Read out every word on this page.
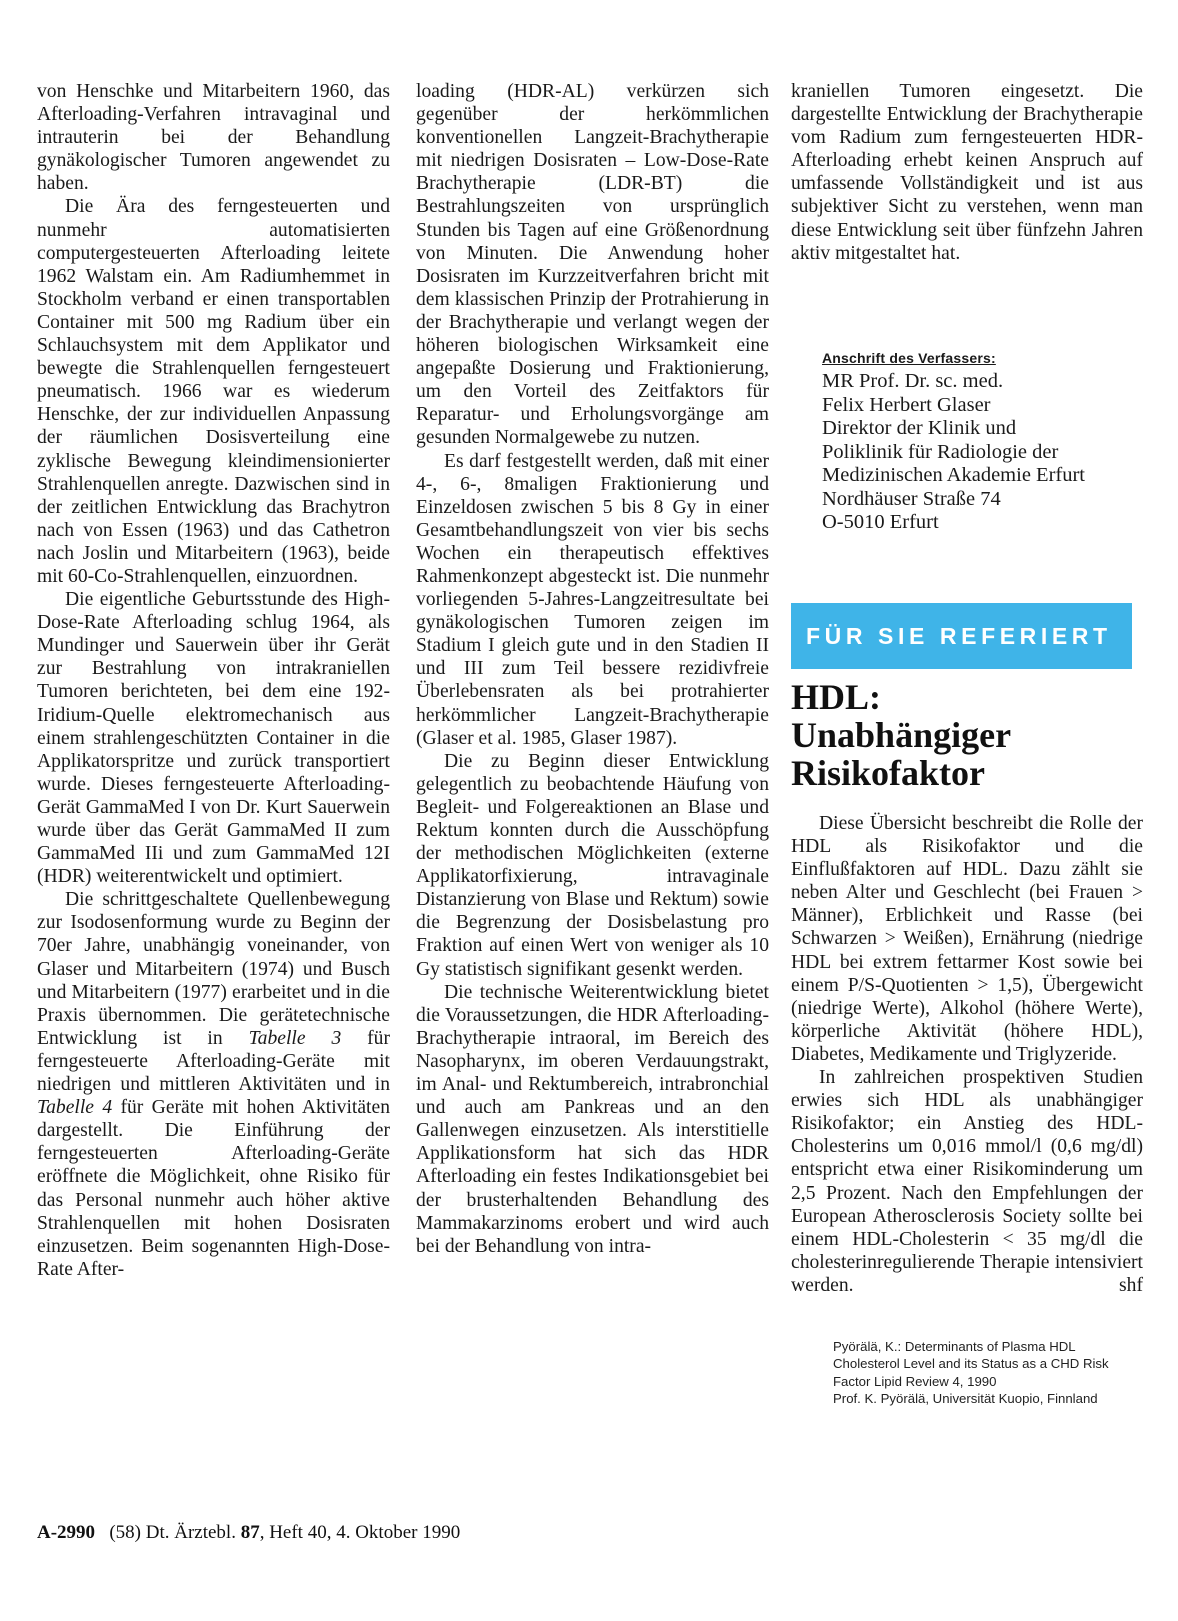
von Henschke und Mitarbeitern 1960, das Afterloading-Verfahren intravaginal und intrauterin bei der Behandlung gynäkologischer Tumoren angewendet zu haben.

Die Ära des ferngesteuerten und nunmehr automatisierten computergesteuerten Afterloading leitete 1962 Walstam ein. Am Radiumhemmet in Stockholm verband er einen transportablen Container mit 500 mg Radium über ein Schlauchsystem mit dem Applikator und bewegte die Strahlenquellen ferngesteuert pneumatisch. 1966 war es wiederum Henschke, der zur individuellen Anpassung der räumlichen Dosisverteilung eine zyklische Bewegung kleindimensionierter Strahlenquellen anregte. Dazwischen sind in der zeitlichen Entwicklung das Brachytron nach von Essen (1963) und das Cathetron nach Joslin und Mitarbeitern (1963), beide mit 60-Co-Strahlenquellen, einzuordnen.

Die eigentliche Geburtsstunde des High-Dose-Rate Afterloading schlug 1964, als Mundinger und Sauerwein über ihr Gerät zur Bestrahlung von intrakraniellen Tumoren berichteten, bei dem eine 192-Iridium-Quelle elektromechanisch aus einem strahlengeschützten Container in die Applikatorspritze und zurück transportiert wurde. Dieses ferngesteuerte Afterloading-Gerät GammaMed I von Dr. Kurt Sauerwein wurde über das Gerät GammaMed II zum GammaMed IIi und zum GammaMed 12I (HDR) weiterentwickelt und optimiert.

Die schrittgeschaltete Quellenbewegung zur Isodosenformung wurde zu Beginn der 70er Jahre, unabhängig voneinander, von Glaser und Mitarbeitern (1974) und Busch und Mitarbeitern (1977) erarbeitet und in die Praxis übernommen. Die gerätetechnische Entwicklung ist in Tabelle 3 für ferngesteuerte Afterloading-Geräte mit niedrigen und mittleren Aktivitäten und in Tabelle 4 für Geräte mit hohen Aktivitäten dargestellt. Die Einführung der ferngesteuerten Afterloading-Geräte eröffnete die Möglichkeit, ohne Risiko für das Personal nunmehr auch höher aktive Strahlenquellen mit hohen Dosisraten einzusetzen. Beim sogenannten High-Dose-Rate After-

loading (HDR-AL) verkürzen sich gegenüber der herkömmlichen konventionellen Langzeit-Brachytherapie mit niedrigen Dosisraten – Low-Dose-Rate Brachytherapie (LDR-BT) die Bestrahlungszeiten von ursprünglich Stunden bis Tagen auf eine Größenordnung von Minuten. Die Anwendung hoher Dosisraten im Kurzzeitverfahren bricht mit dem klassischen Prinzip der Protrahierung in der Brachytherapie und verlangt wegen der höheren biologischen Wirksamkeit eine angepaßte Dosierung und Fraktionierung, um den Vorteil des Zeitfaktors für Reparatur- und Erholungsvorgänge am gesunden Normalgewebe zu nutzen.

Es darf festgestellt werden, daß mit einer 4-, 6-, 8maligen Fraktionierung und Einzeldosen zwischen 5 bis 8 Gy in einer Gesamtbehandlungszeit von vier bis sechs Wochen ein therapeutisch effektives Rahmenkonzept abgesteckt ist. Die nunmehr vorliegenden 5-Jahres-Langzeitresultate bei gynäkologischen Tumoren zeigen im Stadium I gleich gute und in den Stadien II und III zum Teil bessere rezidivfreie Überlebensraten als bei protrahierter herkömmlicher Langzeit-Brachytherapie (Glaser et al. 1985, Glaser 1987).

Die zu Beginn dieser Entwicklung gelegentlich zu beobachtende Häufung von Begleit- und Folgereaktionen an Blase und Rektum konnten durch die Ausschöpfung der methodischen Möglichkeiten (externe Applikatorfixierung, intravaginale Distanzierung von Blase und Rektum) sowie die Begrenzung der Dosisbelastung pro Fraktion auf einen Wert von weniger als 10 Gy statistisch signifikant gesenkt werden.

Die technische Weiterentwicklung bietet die Voraussetzungen, die HDR Afterloading-Brachytherapie intraoral, im Bereich des Nasopharynx, im oberen Verdauungstrakt, im Anal- und Rektumbereich, intrabronchial und auch am Pankreas und an den Gallenwegen einzusetzen. Als interstitielle Applikationsform hat sich das HDR Afterloading ein festes Indikationsgebiet bei der brusterhaltenden Behandlung des Mammakarzinoms erobert und wird auch bei der Behandlung von intra-

kraniellen Tumoren eingesetzt. Die dargestellte Entwicklung der Brachytherapie vom Radium zum ferngesteuerten HDR-Afterloading erhebt keinen Anspruch auf umfassende Vollständigkeit und ist aus subjektiver Sicht zu verstehen, wenn man diese Entwicklung seit über fünfzehn Jahren aktiv mitgestaltet hat.

Anschrift des Verfassers:
MR Prof. Dr. sc. med.
Felix Herbert Glaser
Direktor der Klinik und
Poliklinik für Radiologie der
Medizinischen Akademie Erfurt
Nordhäuser Straße 74
O-5010 Erfurt
FÜR SIE REFERIERT
HDL:
Unabhängiger
Risikofaktor

Diese Übersicht beschreibt die Rolle der HDL als Risikofaktor und die Einflußfaktoren auf HDL. Dazu zählt sie neben Alter und Geschlecht (bei Frauen > Männer), Erblichkeit und Rasse (bei Schwarzen > Weißen), Ernährung (niedrige HDL bei extrem fettarmer Kost sowie bei einem P/S-Quotienten > 1,5), Übergewicht (niedrige Werte), Alkohol (höhere Werte), körperliche Aktivität (höhere HDL), Diabetes, Medikamente und Triglyzeride.

In zahlreichen prospektiven Studien erwies sich HDL als unabhängiger Risikofaktor; ein Anstieg des HDL-Cholesterins um 0,016 mmol/l (0,6 mg/dl) entspricht etwa einer Risikominderung um 2,5 Prozent. Nach den Empfehlungen der European Atherosclerosis Society sollte bei einem HDL-Cholesterin < 35 mg/dl die cholesterinregulierende Therapie intensiviert werden.	shf

Pyörälä, K.: Determinants of Plasma HDL Cholesterol Level and its Status as a CHD Risk Factor Lipid Review 4, 1990

Prof. K. Pyörälä, Universität Kuopio, Finnland

A-2990 (58) Dt. Ärztebl. 87, Heft 40, 4. Oktober 1990
